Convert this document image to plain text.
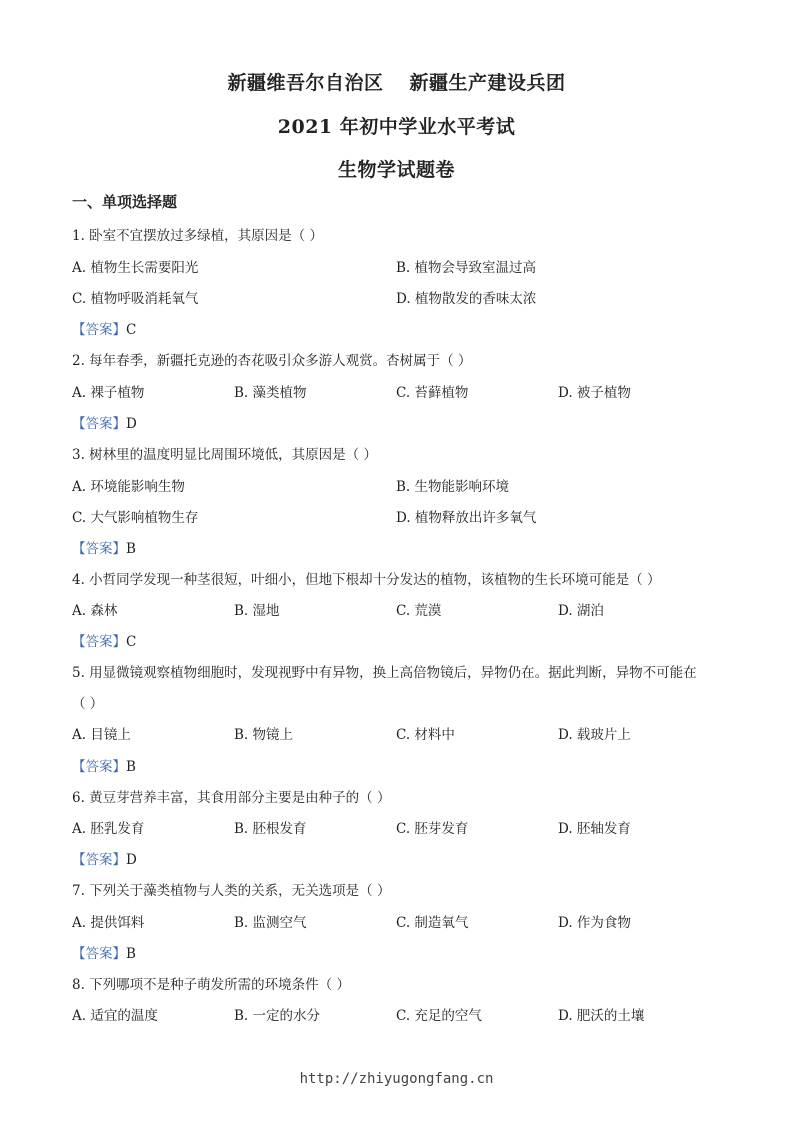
新疆维吾尔自治区 新疆生产建设兵团
2021 年初中学业水平考试
生物学试题卷
一、单项选择题
1. 卧室不宜摆放过多绿植，其原因是（ ）
A. 植物生长需要阳光	B. 植物会导致室温过高
C. 植物呼吸消耗氧气	D. 植物散发的香味太浓
【答案】C
2. 每年春季，新疆托克逊的杏花吸引众多游人观赏。杏树属于（ ）
A. 裸子植物	B. 藻类植物	C. 苔藓植物	D. 被子植物
【答案】D
3. 树林里的温度明显比周围环境低，其原因是（ ）
A. 环境能影响生物	B. 生物能影响环境
C. 大气影响植物生存	D. 植物释放出许多氧气
【答案】B
4. 小哲同学发现一种茎很短，叶细小，但地下根却十分发达的植物，该植物的生长环境可能是（ ）
A. 森林	B. 湿地	C. 荒漠	D. 湖泊
【答案】C
5. 用显微镜观察植物细胞时，发现视野中有异物，换上高倍物镜后，异物仍在。据此判断，异物不可能在
（ ）
A. 目镜上	B. 物镜上	C. 材料中	D. 载玻片上
【答案】B
6. 黄豆芽营养丰富，其食用部分主要是由种子的（ ）
A. 胚乳发育	B. 胚根发育	C. 胚芽发育	D. 胚轴发育
【答案】D
7. 下列关于藻类植物与人类的关系，无关选项是（ ）
A. 提供饵料	B. 监测空气	C. 制造氧气	D. 作为食物
【答案】B
8. 下列哪项不是种子萌发所需的环境条件（ ）
A. 适宜的温度	B. 一定的水分	C. 充足的空气	D. 肥沃的土壤
http://zhiyugongfang.cn
